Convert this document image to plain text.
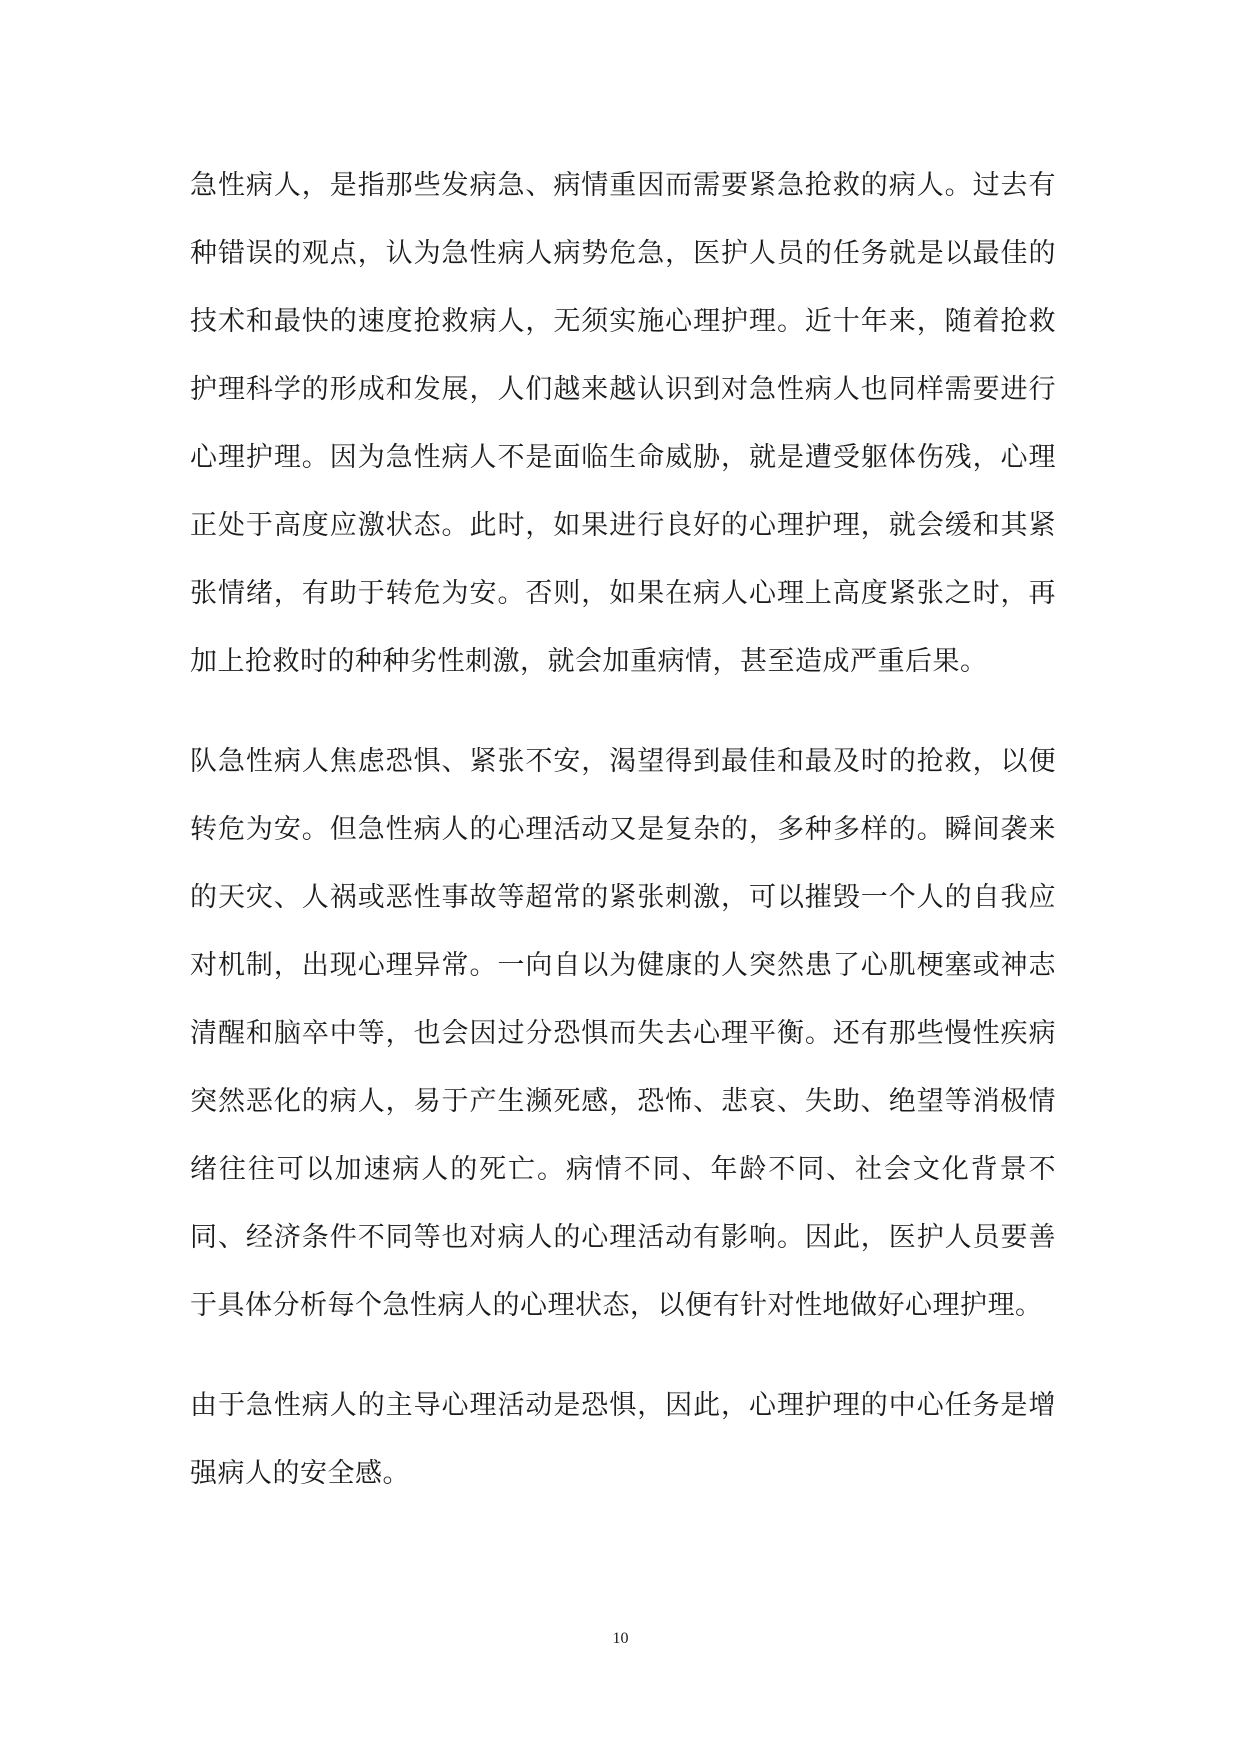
急性病人，是指那些发病急、病情重因而需要紧急抢救的病人。过去有种错误的观点，认为急性病人病势危急，医护人员的任务就是以最佳的技术和最快的速度抢救病人，无须实施心理护理。近十年来，随着抢救护理科学的形成和发展，人们越来越认识到对急性病人也同样需要进行心理护理。因为急性病人不是面临生命威胁，就是遭受躯体伤残，心理正处于高度应激状态。此时，如果进行良好的心理护理，就会缓和其紧张情绪，有助于转危为安。否则，如果在病人心理上高度紧张之时，再加上抢救时的种种劣性刺激，就会加重病情，甚至造成严重后果。

队急性病人焦虑恐惧、紧张不安，渴望得到最佳和最及时的抢救，以便转危为安。但急性病人的心理活动又是复杂的，多种多样的。瞬间袭来的天灾、人祸或恶性事故等超常的紧张刺激，可以摧毁一个人的自我应对机制，出现心理异常。一向自以为健康的人突然患了心肌梗塞或神志清醒和脑卒中等，也会因过分恐惧而失去心理平衡。还有那些慢性疾病突然恶化的病人，易于产生濒死感，恐怖、悲哀、失助、绝望等消极情绪往往可以加速病人的死亡。病情不同、年龄不同、社会文化背景不同、经济条件不同等也对病人的心理活动有影响。因此，医护人员要善于具体分析每个急性病人的心理状态，以便有针对性地做好心理护理。

由于急性病人的主导心理活动是恐惧，因此，心理护理的中心任务是增强病人的安全感。

10
